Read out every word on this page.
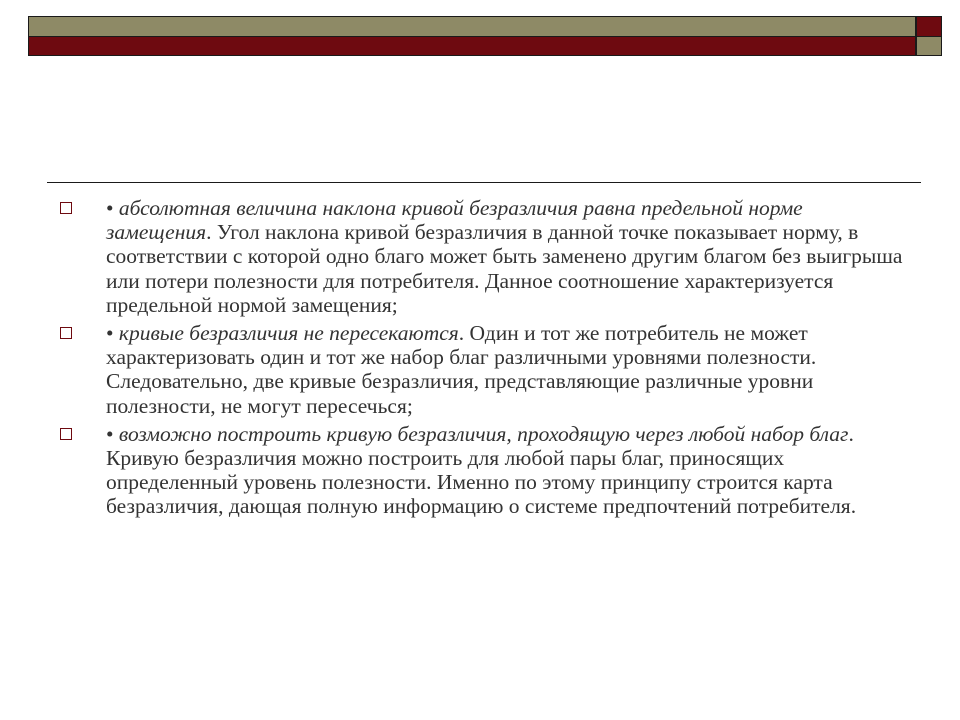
• абсолютная величина наклона кривой безразличия равна предельной норме замещения. Угол наклона кривой безразличия в данной точке показывает норму, в соответствии с которой одно благо может быть заменено другим благом без выигрыша или потери полезности для потребителя. Данное соотношение характеризуется предельной нормой замещения;
• кривые безразличия не пересекаются. Один и тот же потребитель не может характеризовать один и тот же набор благ различными уровнями полезности. Следовательно, две кривые безразличия, представляющие различные уровни полезности, не могут пересечься;
• возможно построить кривую безразличия, проходящую через любой набор благ. Кривую безразличия можно построить для любой пары благ, приносящих определенный уровень полезности. Именно по этому принципу строится карта безразличия, дающая полную информацию о системе предпочтений потребителя.
